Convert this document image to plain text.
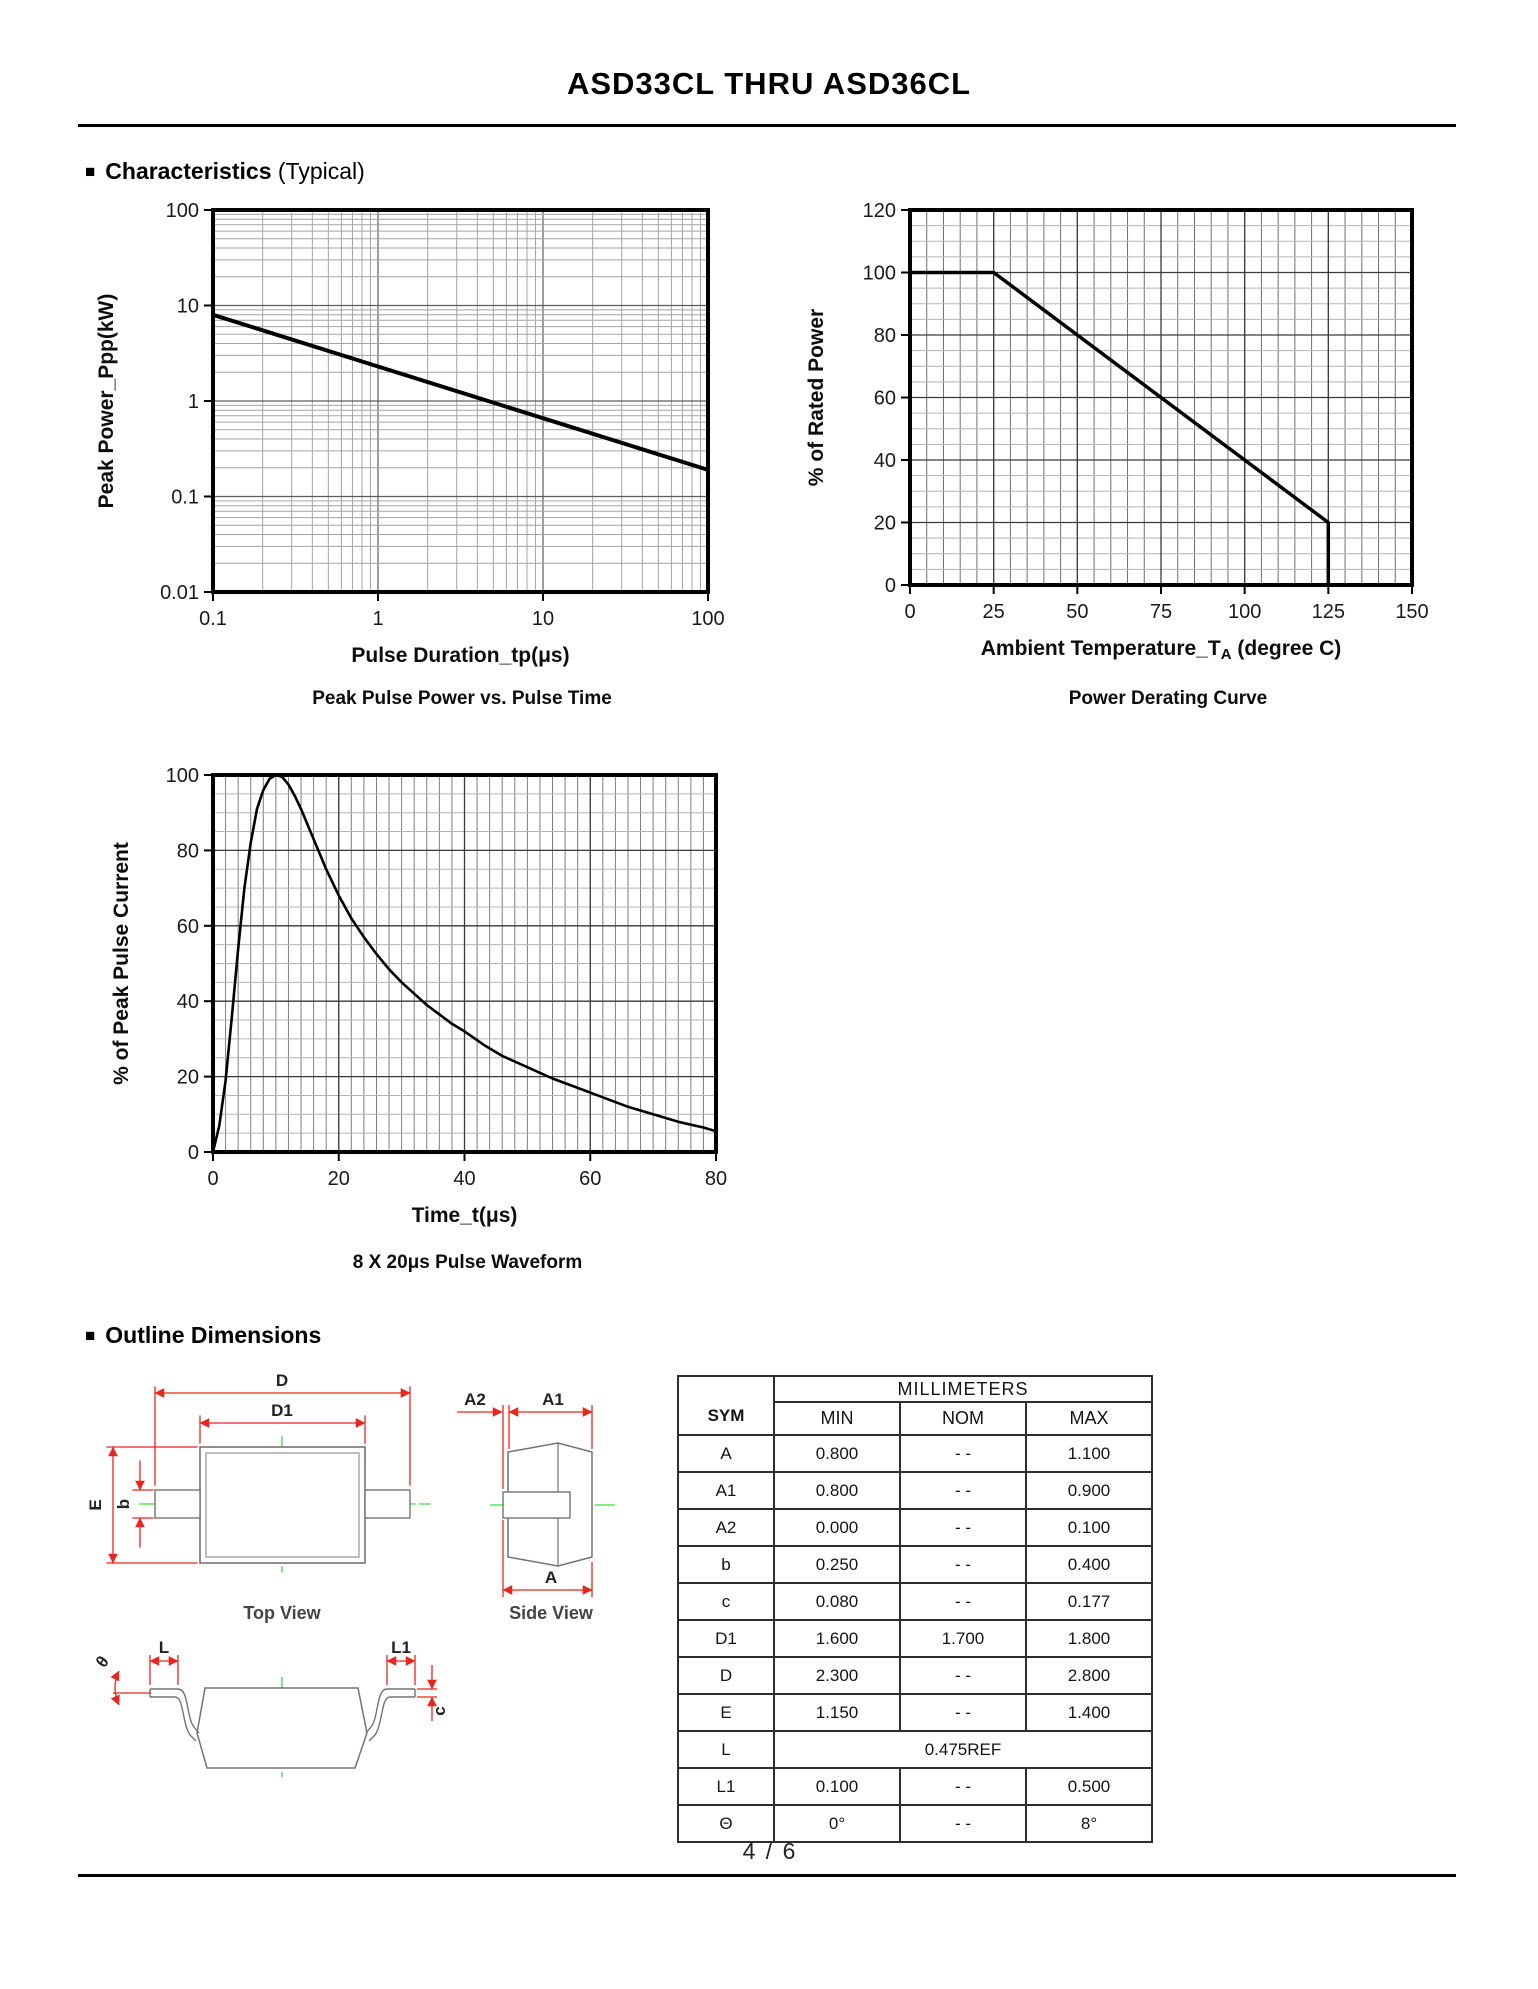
ASD33CL THRU ASD36CL
■ Characteristics (Typical)
0.1	1	10	100
100
10
1
0.1
0.01
Pulse Duration_tp(μs)
Peak Power_Ppp(kW)
0	25	50	75	100	125	150
0
20
40
60
80
100
120
Ambient Temperature_TA (degree C)
% of Rated Power
Peak Pulse Power vs. Pulse Time	Power Derating Curve
0	20	40	60	80
0
20
40
60
80
100
Time_t(μs)
% of Peak Pulse Current
8 X 20μs Pulse Waveform
■ Outline Dimensions
D
D1
E b
Top View
A2	A1
A
Side View
L	L1
c
θ
SYM	MILLIMETERS		
	MIN	NOM	MAX
A	0.800	- -	1.100
A1	0.800	- -	0.900
A2	0.000	- -	0.100
b	0.250	- -	0.400
c	0.080	- -	0.177
D1	1.600	1.700	1.800
D	2.300	- -	2.800
E	1.150	- -	1.400
L	0.475REF		
L1	0.100	- -	0.500
Θ	0°	- -	8°
4 / 6
